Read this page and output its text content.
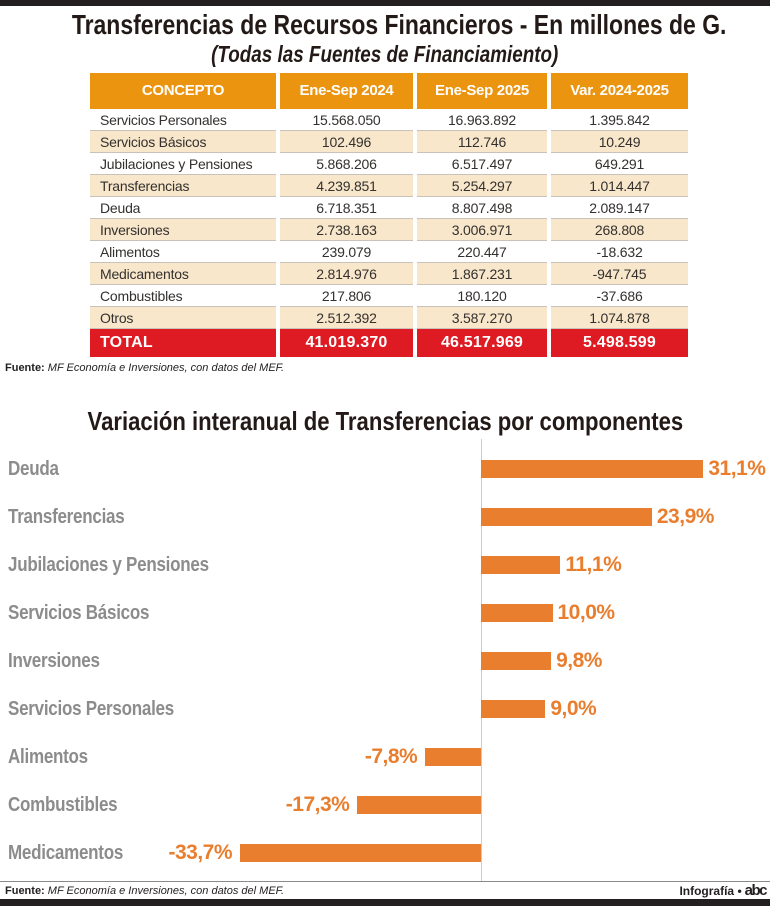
Transferencias de Recursos Financieros - En millones de G.
(Todas las Fuentes de Financiamiento)
CONCEPTO	Ene-Sep 2024	Ene-Sep 2025	Var. 2024-2025
Servicios Personales	15.568.050	16.963.892	1.395.842
Servicios Básicos	102.496	112.746	10.249
Jubilaciones y Pensiones	5.868.206	6.517.497	649.291
Transferencias	4.239.851	5.254.297	1.014.447
Deuda	6.718.351	8.807.498	2.089.147
Inversiones	2.738.163	3.006.971	268.808
Alimentos	239.079	220.447	-18.632
Medicamentos	2.814.976	1.867.231	-947.745
Combustibles	217.806	180.120	-37.686
Otros	2.512.392	3.587.270	1.074.878
TOTAL	41.019.370	46.517.969	5.498.599
Fuente: MF Economía e Inversiones, con datos del MEF.
Variación interanual de Transferencias por componentes
Deuda	31,1%
Transferencias	23,9%
Jubilaciones y Pensiones	11,1%
Servicios Básicos	10,0%
Inversiones	9,8%
Servicios Personales	9,0%
Alimentos	-7,8%
Combustibles	-17,3%
Medicamentos -33,7%
Fuente: MF Economía e Inversiones, con datos del MEF.	Infografía • abc
